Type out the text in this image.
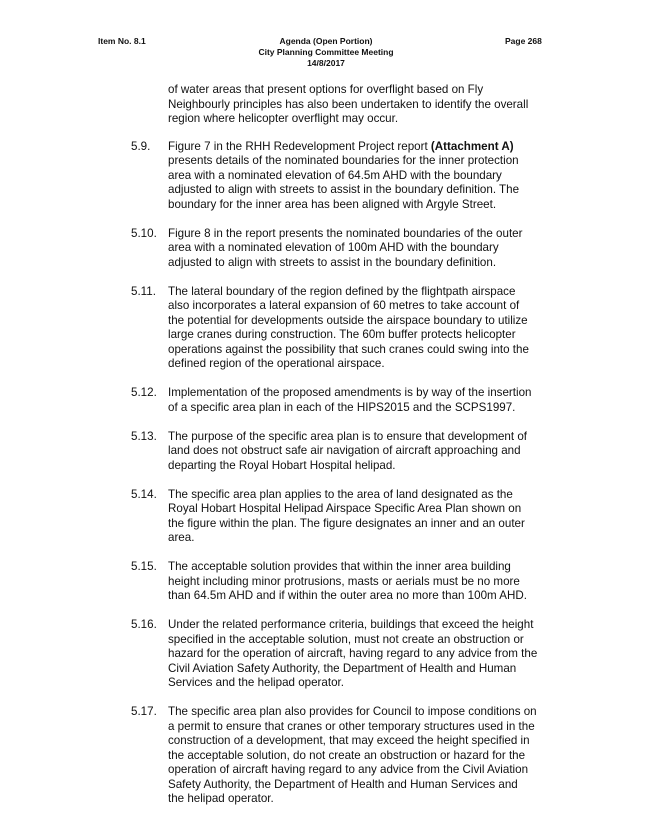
Item No. 8.1	Agenda (Open Portion)
City Planning Committee Meeting
14/8/2017
Page 268
of water areas that present options for overflight based on Fly
Neighbourly principles has also been undertaken to identify the overall
region where helicopter overflight may occur.
5.9. Figure 7 in the RHH Redevelopment Project report (Attachment A)
presents details of the nominated boundaries for the inner protection
area with a nominated elevation of 64.5m AHD with the boundary
adjusted to align with streets to assist in the boundary definition. The
boundary for the inner area has been aligned with Argyle Street.
5.10. Figure 8 in the report presents the nominated boundaries of the outer
area with a nominated elevation of 100m AHD with the boundary
adjusted to align with streets to assist in the boundary definition.
5.11. The lateral boundary of the region defined by the flightpath airspace
also incorporates a lateral expansion of 60 metres to take account of
the potential for developments outside the airspace boundary to utilize
large cranes during construction. The 60m buffer protects helicopter
operations against the possibility that such cranes could swing into the
defined region of the operational airspace.
5.12. Implementation of the proposed amendments is by way of the insertion
of a specific area plan in each of the HIPS2015 and the SCPS1997.
5.13. The purpose of the specific area plan is to ensure that development of
land does not obstruct safe air navigation of aircraft approaching and
departing the Royal Hobart Hospital helipad.
5.14. The specific area plan applies to the area of land designated as the
Royal Hobart Hospital Helipad Airspace Specific Area Plan shown on
the figure within the plan. The figure designates an inner and an outer
area.
5.15. The acceptable solution provides that within the inner area building
height including minor protrusions, masts or aerials must be no more
than 64.5m AHD and if within the outer area no more than 100m AHD.
5.16. Under the related performance criteria, buildings that exceed the height
specified in the acceptable solution, must not create an obstruction or
hazard for the operation of aircraft, having regard to any advice from the
Civil Aviation Safety Authority, the Department of Health and Human
Services and the helipad operator.
5.17. The specific area plan also provides for Council to impose conditions on
a permit to ensure that cranes or other temporary structures used in the
construction of a development, that may exceed the height specified in
the acceptable solution, do not create an obstruction or hazard for the
operation of aircraft having regard to any advice from the Civil Aviation
Safety Authority, the Department of Health and Human Services and
the helipad operator.
